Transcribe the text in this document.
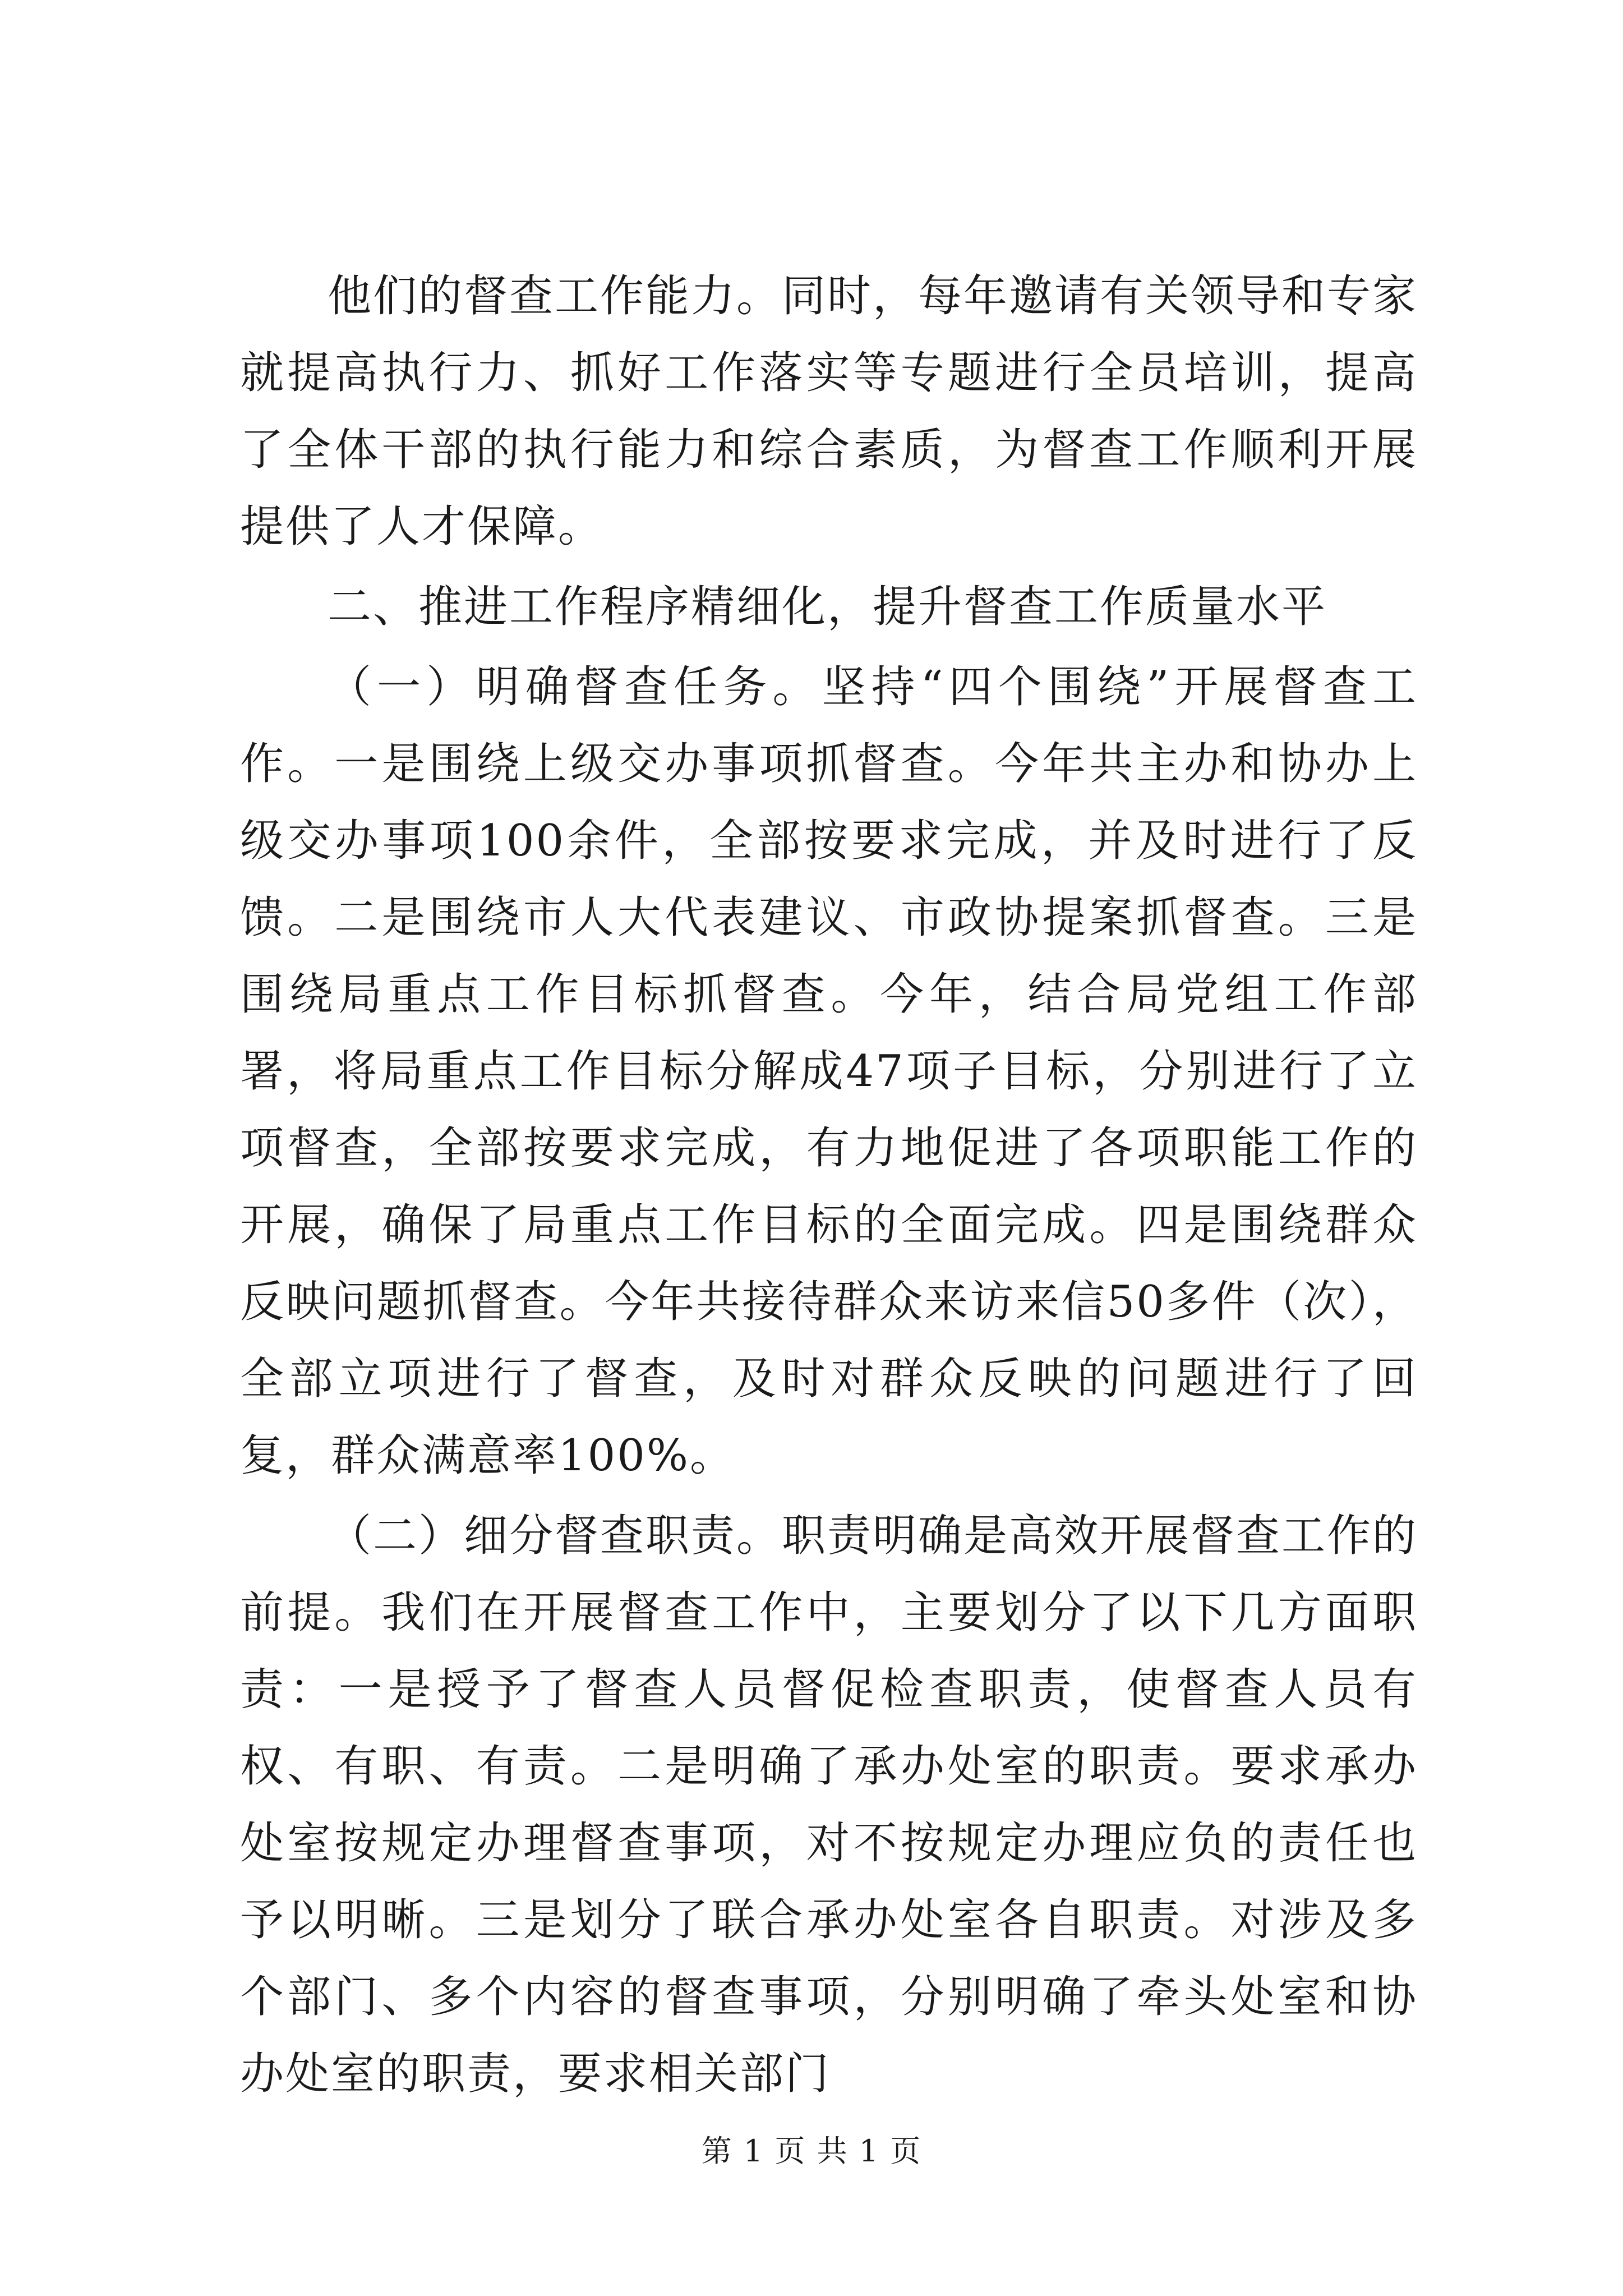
他们的督查工作能力。同时，每年邀请有关领导和专家就提高执行力、抓好工作落实等专题进行全员培训，提高了全体干部的执行能力和综合素质，为督查工作顺利开展提供了人才保障。

二、推进工作程序精细化，提升督查工作质量水平

（一）明确督查任务。坚持“四个围绕”开展督查工作。一是围绕上级交办事项抓督查。今年共主办和协办上级交办事项100余件，全部按要求完成，并及时进行了反馈。二是围绕市人大代表建议、市政协提案抓督查。三是围绕局重点工作目标抓督查。今年，结合局党组工作部署，将局重点工作目标分解成47项子目标，分别进行了立项督查，全部按要求完成，有力地促进了各项职能工作的开展，确保了局重点工作目标的全面完成。四是围绕群众反映问题抓督查。今年共接待群众来访来信50多件（次），全部立项进行了督查，及时对群众反映的问题进行了回复，群众满意率100%。

（二）细分督查职责。职责明确是高效开展督查工作的前提。我们在开展督查工作中，主要划分了以下几方面职责：一是授予了督查人员督促检查职责，使督查人员有权、有职、有责。二是明确了承办处室的职责。要求承办处室按规定办理督查事项，对不按规定办理应负的责任也予以明晰。三是划分了联合承办处室各自职责。对涉及多个部门、多个内容的督查事项，分别明确了牵头处室和协办处室的职责，要求相关部门

第 1 页 共 1 页
